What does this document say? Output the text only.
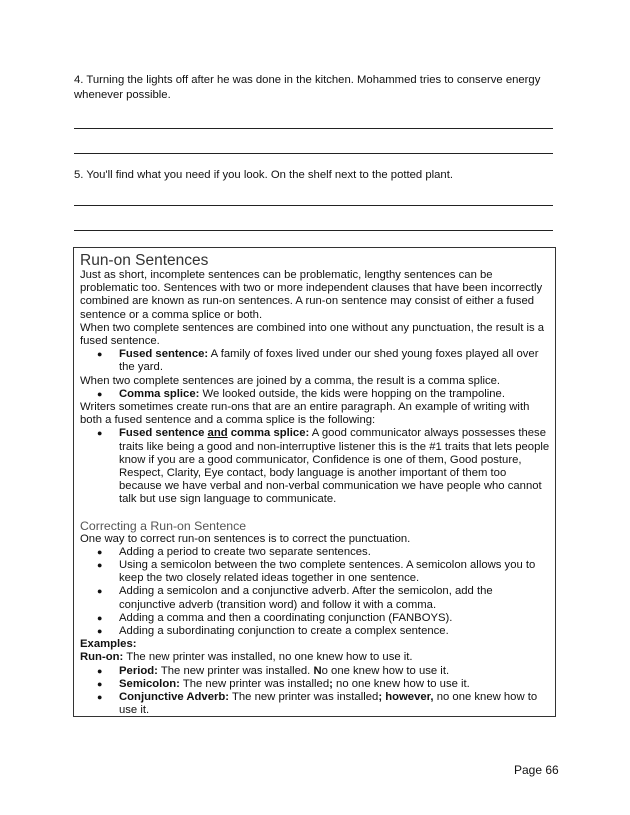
4. Turning the lights off after he was done in the kitchen. Mohammed tries to conserve energy whenever possible.
5. You'll find what you need if you look. On the shelf next to the potted plant.
Run-on Sentences

Just as short, incomplete sentences can be problematic, lengthy sentences can be problematic too. Sentences with two or more independent clauses that have been incorrectly combined are known as run-on sentences. A run-on sentence may consist of either a fused sentence or a comma splice or both.

When two complete sentences are combined into one without any punctuation, the result is a fused sentence.

● Fused sentence: A family of foxes lived under our shed young foxes played all over the yard.

When two complete sentences are joined by a comma, the result is a comma splice.

● Comma splice: We looked outside, the kids were hopping on the trampoline.

Writers sometimes create run-ons that are an entire paragraph. An example of writing with both a fused sentence and a comma splice is the following:

● Fused sentence and comma splice: A good communicator always possesses these traits like being a good and non-interruptive listener this is the #1 traits that lets people know if you are a good communicator, Confidence is one of them, Good posture, Respect, Clarity, Eye contact, body language is another important of them too because we have verbal and non-verbal communication we have people who cannot talk but use sign language to communicate.
Correcting a Run-on Sentence

One way to correct run-on sentences is to correct the punctuation.

● Adding a period to create two separate sentences.
● Using a semicolon between the two complete sentences. A semicolon allows you to keep the two closely related ideas together in one sentence.
● Adding a semicolon and a conjunctive adverb. After the semicolon, add the conjunctive adverb (transition word) and follow it with a comma.
● Adding a comma and then a coordinating conjunction (FANBOYS).
● Adding a subordinating conjunction to create a complex sentence.

Examples:

Run-on: The new printer was installed, no one knew how to use it.

● Period: The new printer was installed. No one knew how to use it.
● Semicolon: The new printer was installed; no one knew how to use it.
● Conjunctive Adverb: The new printer was installed; however, no one knew how to use it.
Page 66
